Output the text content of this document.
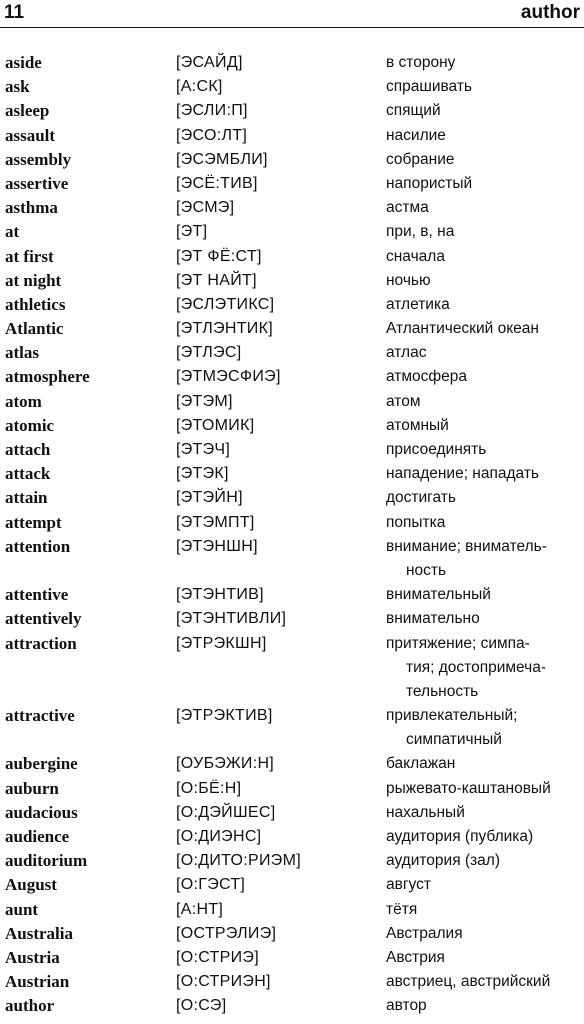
11	author
aside	[ЭСАЙД]	в сторону
ask	[А:СК]	спрашивать
asleep	[ЭСЛИ:П]	спящий
assault	[ЭСО:ЛТ]	насилие
assembly	[ЭСЭМБЛИ]	собрание
assertive	[ЭСЁ:ТИВ]	напористый
asthma	[ЭСМЭ]	астма
at	[ЭТ]	при, в, на
at first	[ЭТ ФЁ:СТ]	сначала
at night	[ЭТ НАЙТ]	ночью
athletics	[ЭСЛЭТИКС]	атлетика
Atlantic	[ЭТЛЭНТИК]	Атлантический океан
atlas	[ЭТЛЭС]	атлас
atmosphere	[ЭТМЭСФИЭ]	атмосфера
atom	[ЭТЭМ]	атом
atomic	[ЭТОМИК]	атомный
attach	[ЭТЭЧ]	присоединять
attack	[ЭТЭК]	нападение; нападать
attain	[ЭТЭЙН]	достигать
attempt	[ЭТЭМПТ]	попытка
attention	[ЭТЭНШН]	внимание; вниматель-
ность
attentive	[ЭТЭНТИВ]	внимательный
attentively	[ЭТЭНТИВЛИ]	внимательно
attraction	[ЭТРЭКШН]	притяжение; симпа-
тия; достопримеча-
тельность
attractive	[ЭТРЭКТИВ]	привлекательный;
симпатичный
aubergine	[ОУБЭЖИ:Н]	баклажан
auburn	[О:БЁ:Н]	рыжевато-каштановый
audacious	[О:ДЭЙШЕС]	нахальный
audience	[О:ДИЭНС]	аудитория (публика)
auditorium	[О:ДИТО:РИЭМ]	аудитория (зал)
August	[О:ГЭСТ]	август
aunt	[А:НТ]	тётя
Australia	[ОСТРЭЛИЭ]	Австралия
Austria	[О:СТРИЭ]	Австрия
Austrian	[О:СТРИЭН]	австриец, австрийский
author	[О:СЭ]	автор
